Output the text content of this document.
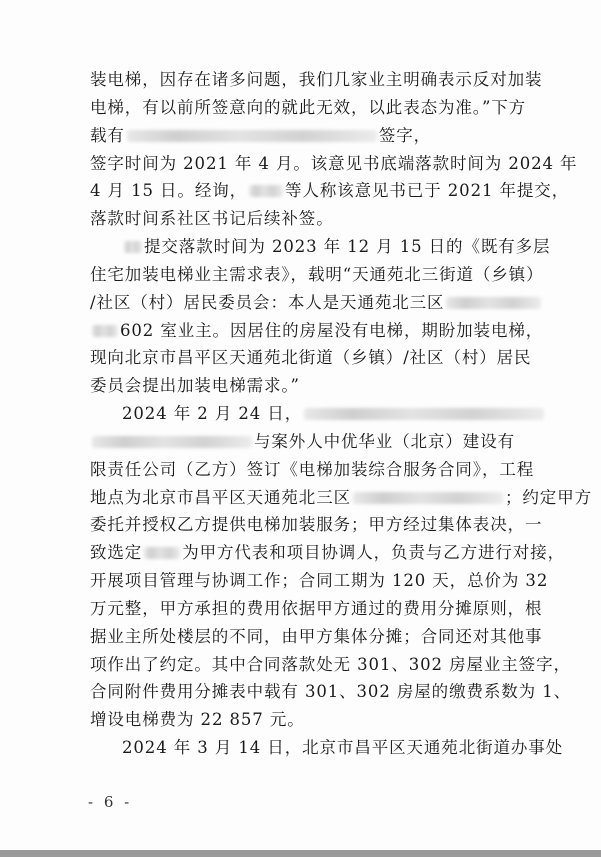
装电梯，因存在诸多问题，我们几家业主明确表示反对加装
电梯，有以前所签意向的就此无效，以此表态为准。”下方
载有	签字，
签字时间为 2021 年 4 月。该意见书底端落款时间为 2024 年
4 月 15 日。经询， 等人称该意见书已于 2021 年提交，
落款时间系社区书记后续补签。
提交落款时间为 2023 年 12 月 15 日的《既有多层
住宅加装电梯业主需求表》，载明“天通苑北三街道（乡镇）
/社区（村）居民委员会：本人是天通苑北三区
602 室业主。因居住的房屋没有电梯，期盼加装电梯，
现向北京市昌平区天通苑北街道（乡镇）/社区（村）居民
委员会提出加装电梯需求。”
2024 年 2 月 24 日，
与案外人中优华业（北京）建设有
限责任公司（乙方）签订《电梯加装综合服务合同》，工程
地点为北京市昌平区天通苑北三区	；约定甲方
委托并授权乙方提供电梯加装服务；甲方经过集体表决，一
致选定 为甲方代表和项目协调人，负责与乙方进行对接，
开展项目管理与协调工作；合同工期为 120 天，总价为 32
万元整，甲方承担的费用依据甲方通过的费用分摊原则，根
据业主所处楼层的不同，由甲方集体分摊；合同还对其他事
项作出了约定。其中合同落款处无 301、302 房屋业主签字，
合同附件费用分摊表中载有 301、302 房屋的缴费系数为 1、
增设电梯费为 22 857 元。
2024 年 3 月 14 日，北京市昌平区天通苑北街道办事处
- 6 -
